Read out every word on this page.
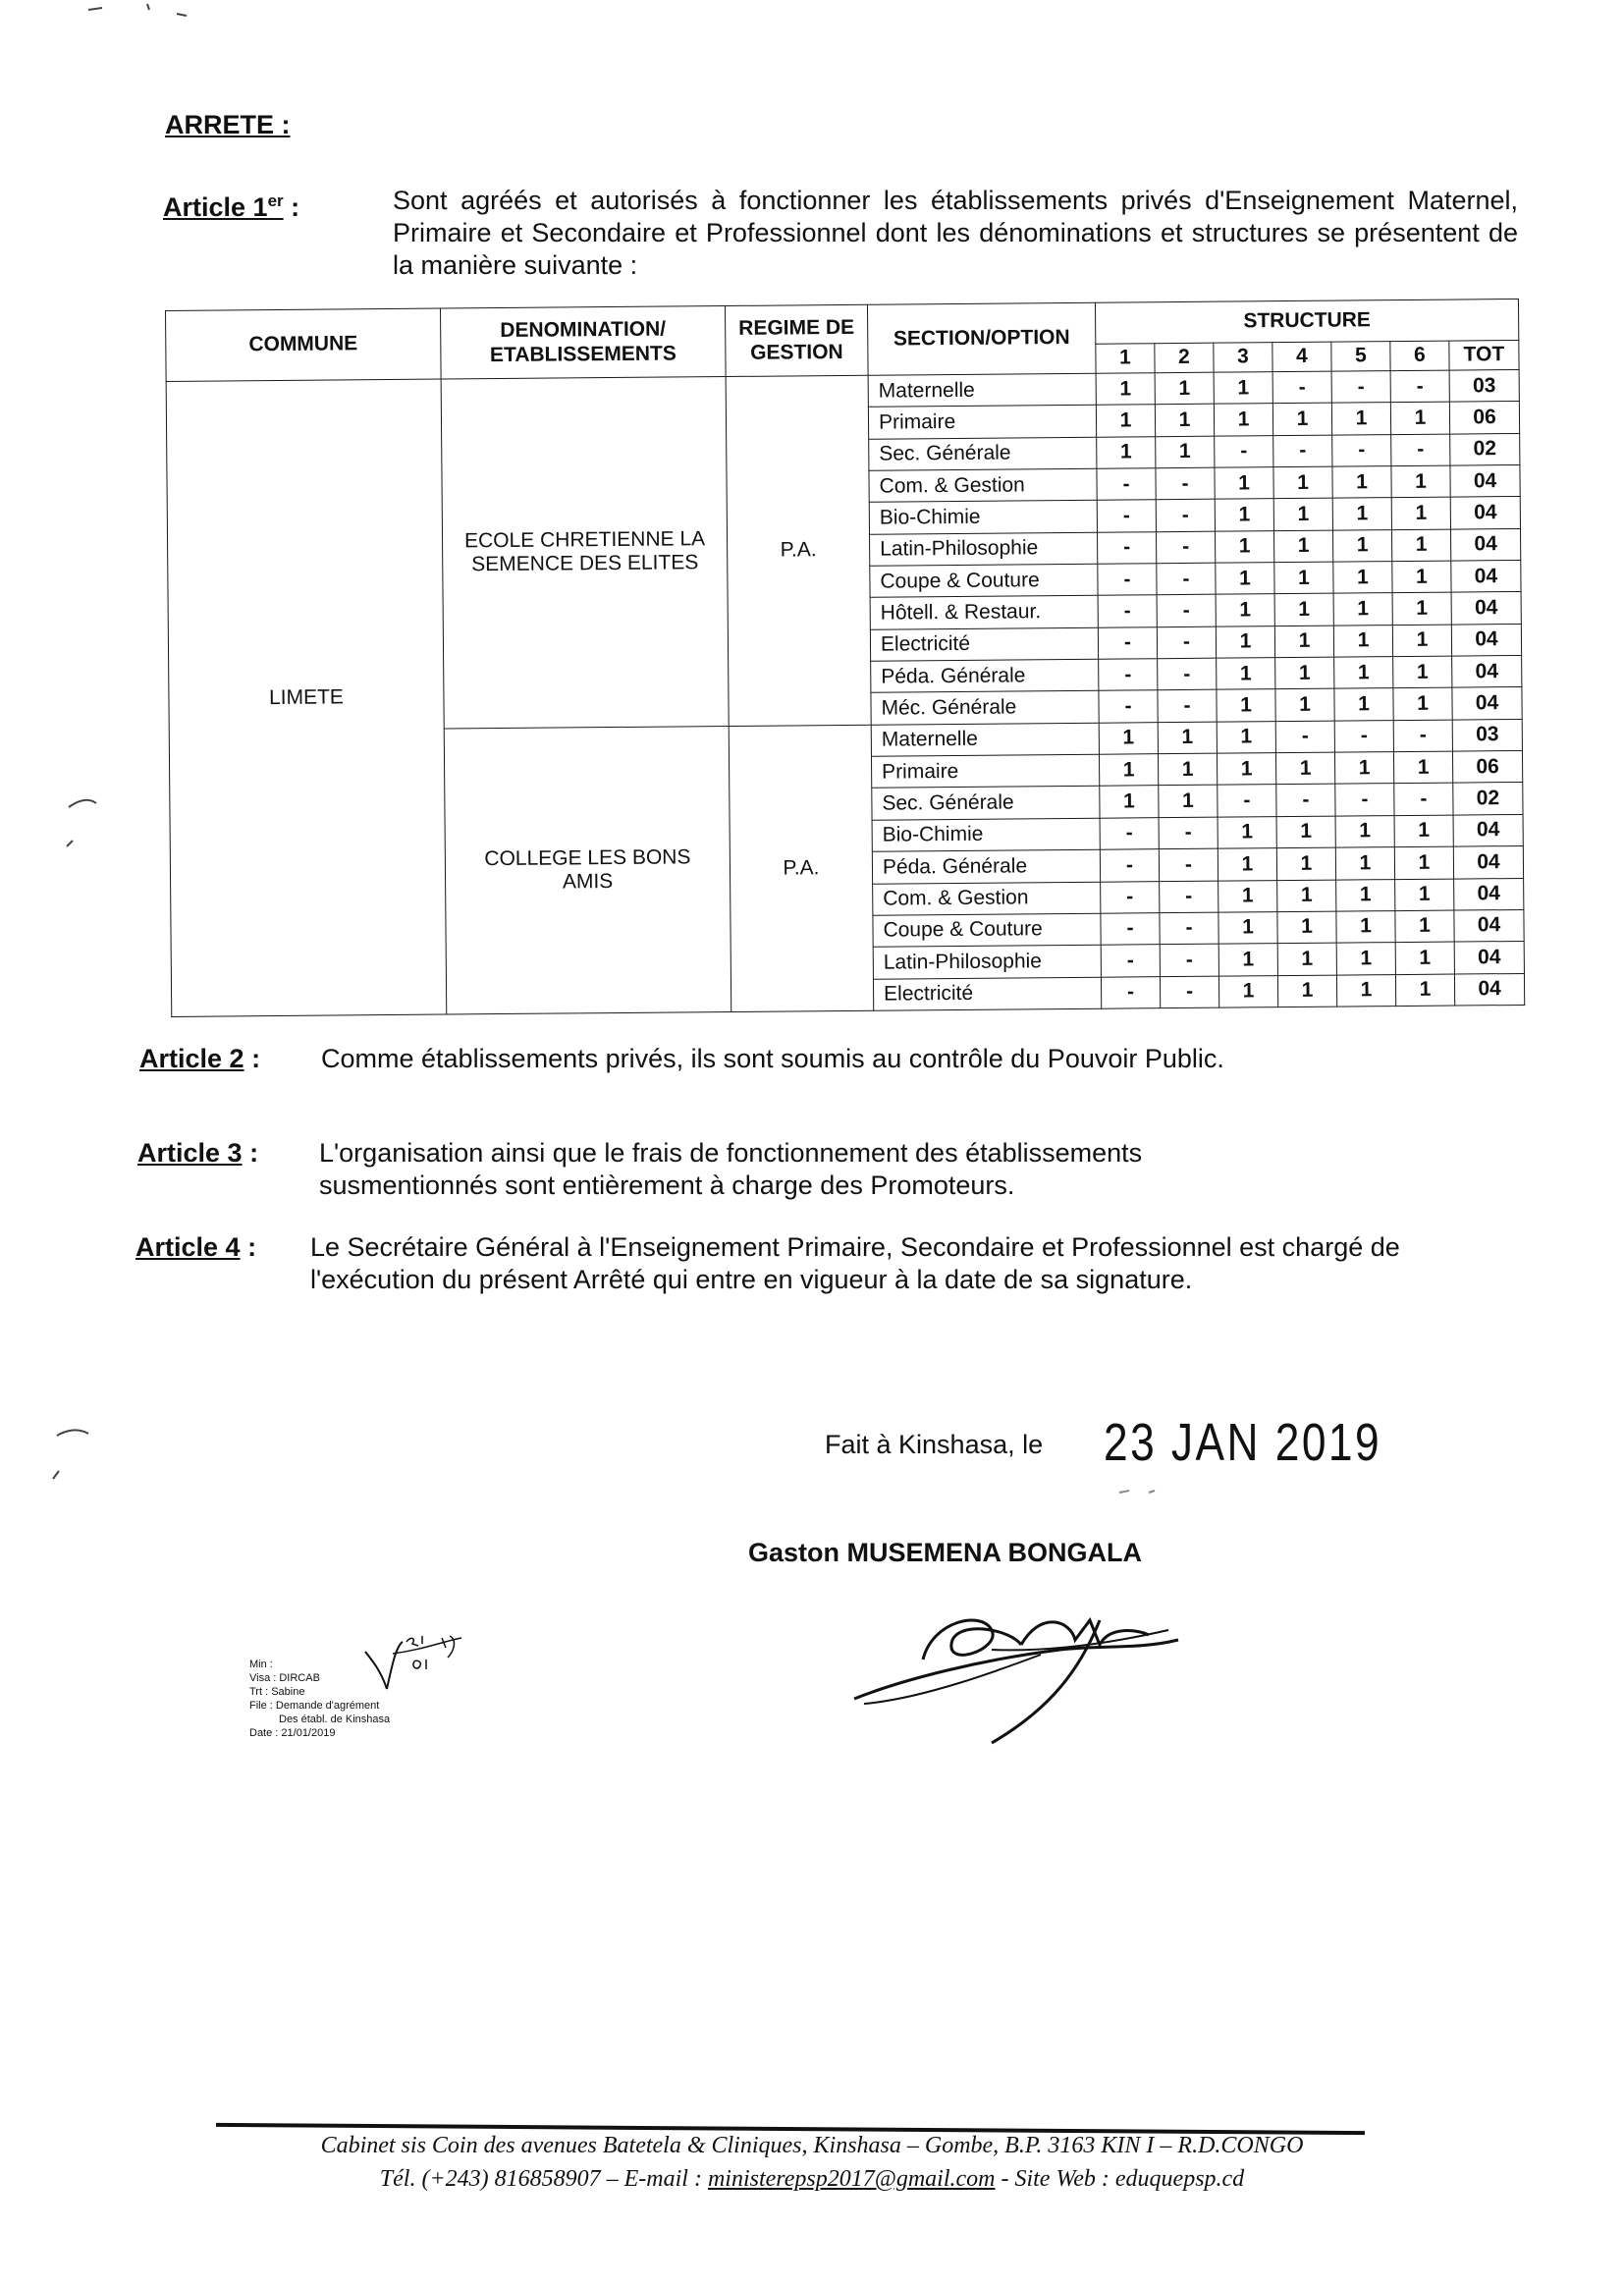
ARRETE :
Article 1er :	Sont agréés et autorisés à fonctionner les établissements privés d'Enseignement Maternel, Primaire et Secondaire et Professionnel dont les dénominations et structures se présentent de la manière suivante :
COMMUNE	DENOMINATION/ ETABLISSEMENTS	REGIME DE GESTION	SECTION/OPTION	STRUCTURE						
				1	2	3	4	5	6	TOT
LIMETE	ECOLE CHRETIENNE LA SEMENCE DES ELITES	P.A.	Maternelle	1	1	1	-	-	-	03
			Primaire	1	1	1	1	1	1	06
			Sec. Générale	1	1	-	-	-	-	02
			Com. & Gestion	-	-	1	1	1	1	04
			Bio-Chimie	-	-	1	1	1	1	04
			Latin-Philosophie	-	-	1	1	1	1	04
			Coupe & Couture	-	-	1	1	1	1	04
			Hôtell. & Restaur.	-	-	1	1	1	1	04
			Electricité	-	-	1	1	1	1	04
			Péda. Générale	-	-	1	1	1	1	04
			Méc. Générale	-	-	1	1	1	1	04
	COLLEGE LES BONS AMIS	P.A.	Maternelle	1	1	1	-	-	-	03
			Primaire	1	1	1	1	1	1	06
			Sec. Générale	1	1	-	-	-	-	02
			Bio-Chimie	-	-	1	1	1	1	04
			Péda. Générale	-	-	1	1	1	1	04
			Com. & Gestion	-	-	1	1	1	1	04
			Coupe & Couture	-	-	1	1	1	1	04
			Latin-Philosophie	-	-	1	1	1	1	04
			Electricité	-	-	1	1	1	1	04
Article 2 : Comme établissements privés, ils sont soumis au contrôle du Pouvoir Public.
Article 3 : L'organisation ainsi que le frais de fonctionnement des établissements susmentionnés sont entièrement à charge des Promoteurs.
Article 4 : Le Secrétaire Général à l'Enseignement Primaire, Secondaire et Professionnel est chargé de l'exécution du présent Arrêté qui entre en vigueur à la date de sa signature.
Fait à Kinshasa, le 23 JAN 2019
Gaston MUSEMENA BONGALA
Min :
Visa : DIRCAB
Trt : Sabine
File : Demande d'agrément
Des établ. de Kinshasa
Date : 21/01/2019
Cabinet sis Coin des avenues Batetela & Cliniques, Kinshasa – Gombe, B.P. 3163 KIN I – R.D.CONGO
Tél. (+243) 816858907 – E-mail : ministerepsp2017@gmail.com - Site Web : eduquepsp.cd
